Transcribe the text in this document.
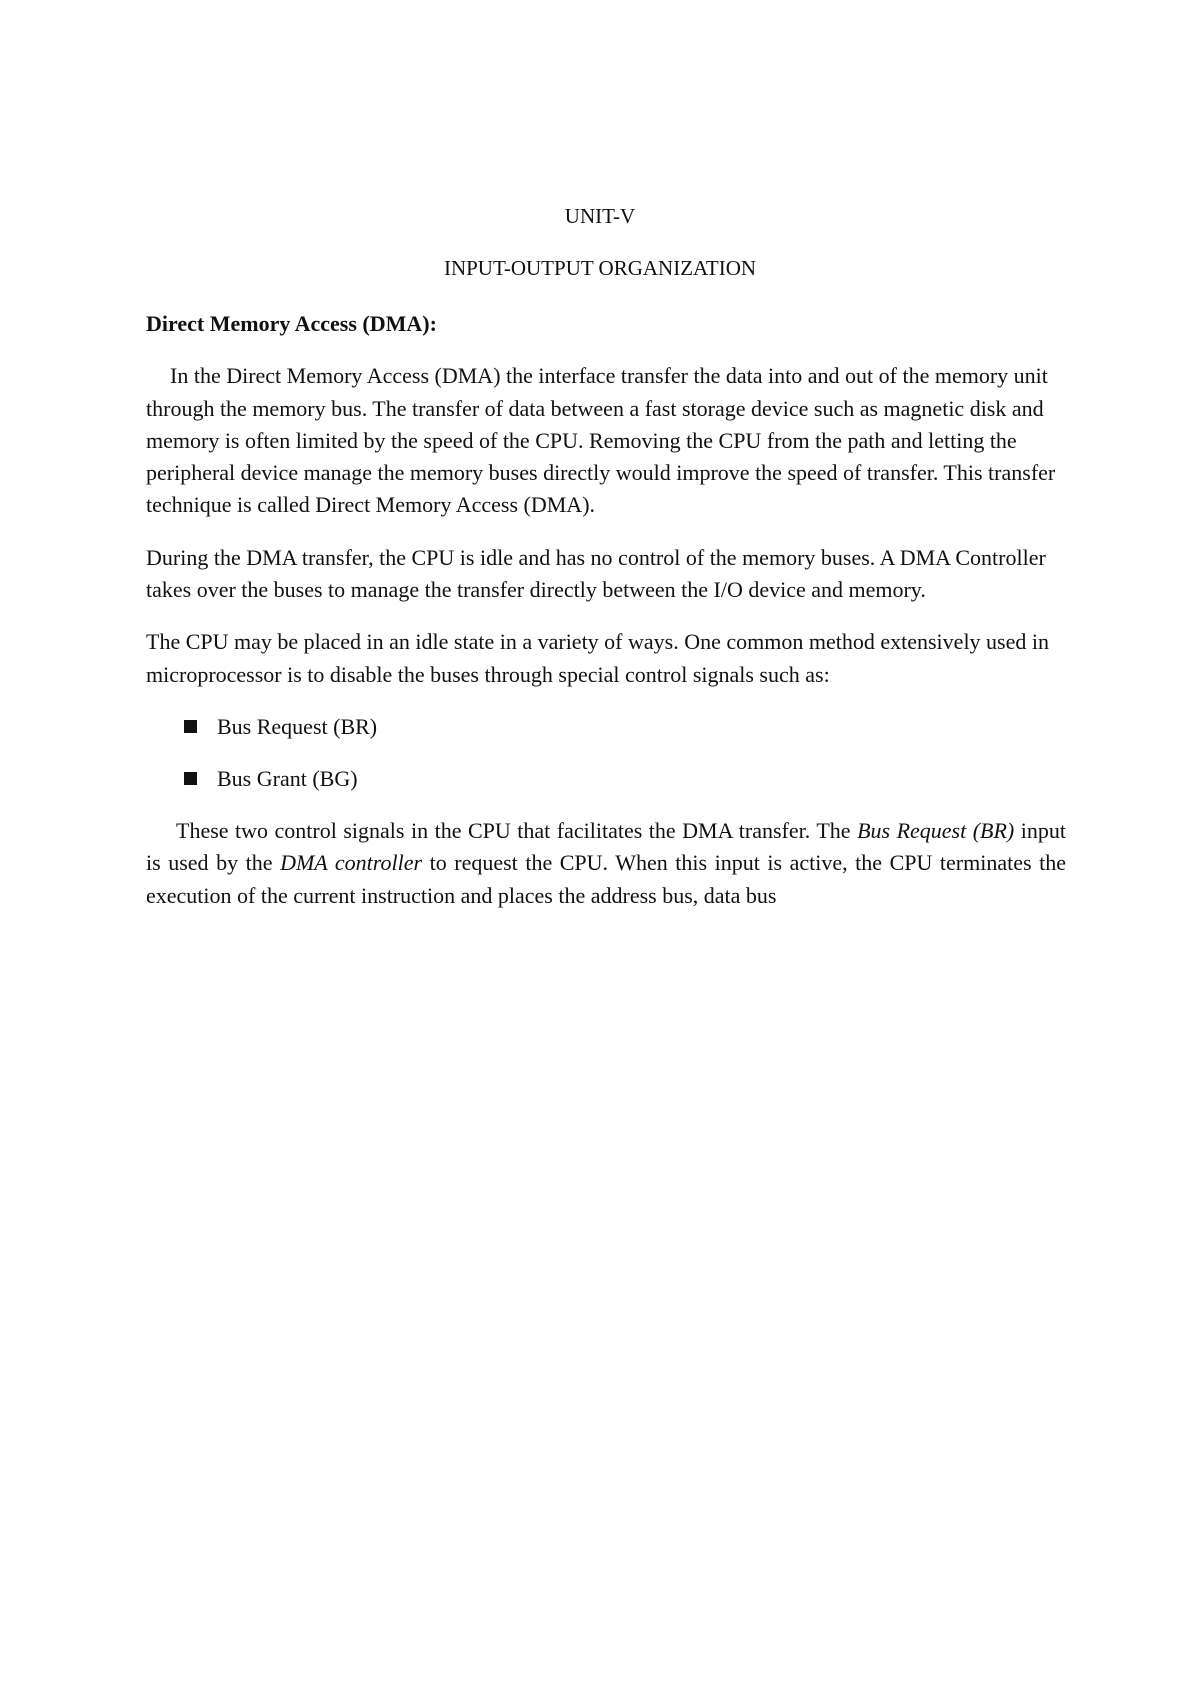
UNIT-V
INPUT-OUTPUT ORGANIZATION
Direct Memory Access (DMA):

In the Direct Memory Access (DMA) the interface transfer the data into and out of the memory unit through the memory bus. The transfer of data between a fast storage device such as magnetic disk and memory is often limited by the speed of the CPU. Removing the CPU from the path and letting the peripheral device manage the memory buses directly would improve the speed of transfer. This transfer technique is called Direct Memory Access (DMA).

During the DMA transfer, the CPU is idle and has no control of the memory buses. A DMA Controller takes over the buses to manage the transfer directly between the I/O device and memory.

The CPU may be placed in an idle state in a variety of ways. One common method extensively used in microprocessor is to disable the buses through special control signals such as:

Bus Request (BR)
Bus Grant (BG)

These two control signals in the CPU that facilitates the DMA transfer. The Bus Request (BR) input is used by the DMA controller to request the CPU. When this input is active, the CPU terminates the execution of the current instruction and places the address bus, data bus
